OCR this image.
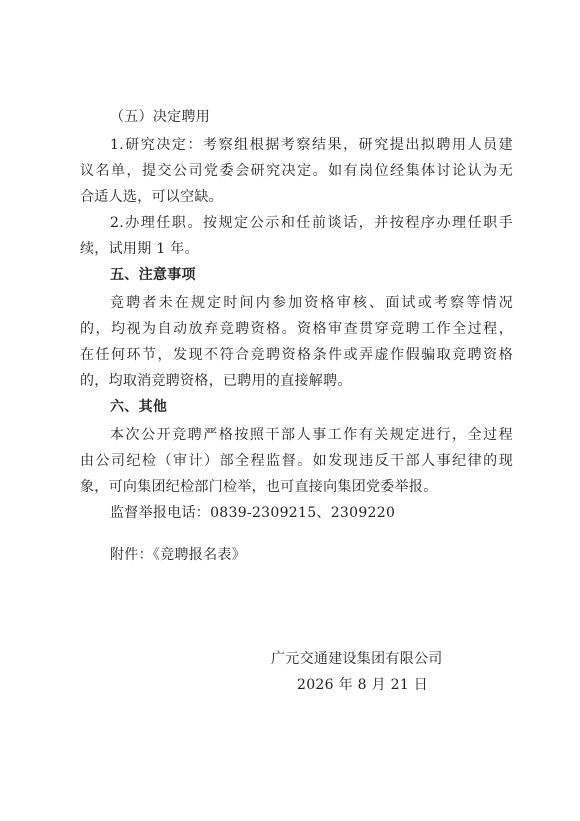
（五）决定聘用
1.研究决定：考察组根据考察结果，研究提出拟聘用人员建
议名单，提交公司党委会研究决定。如有岗位经集体讨论认为无
合适人选，可以空缺。
2.办理任职。按规定公示和任前谈话，并按程序办理任职手
续，试用期 1 年。
五、注意事项
竞聘者未在规定时间内参加资格审核、面试或考察等情况
的，均视为自动放弃竞聘资格。资格审查贯穿竞聘工作全过程，
在任何环节，发现不符合竞聘资格条件或弄虚作假骗取竞聘资格
的，均取消竞聘资格，已聘用的直接解聘。
六、其他
本次公开竞聘严格按照干部人事工作有关规定进行，全过程
由公司纪检（审计）部全程监督。如发现违反干部人事纪律的现
象，可向集团纪检部门检举，也可直接向集团党委举报。
监督举报电话：0839-2309215、2309220
附件：《竞聘报名表》
广元交通建设集团有限公司
2026 年 8 月 21 日
